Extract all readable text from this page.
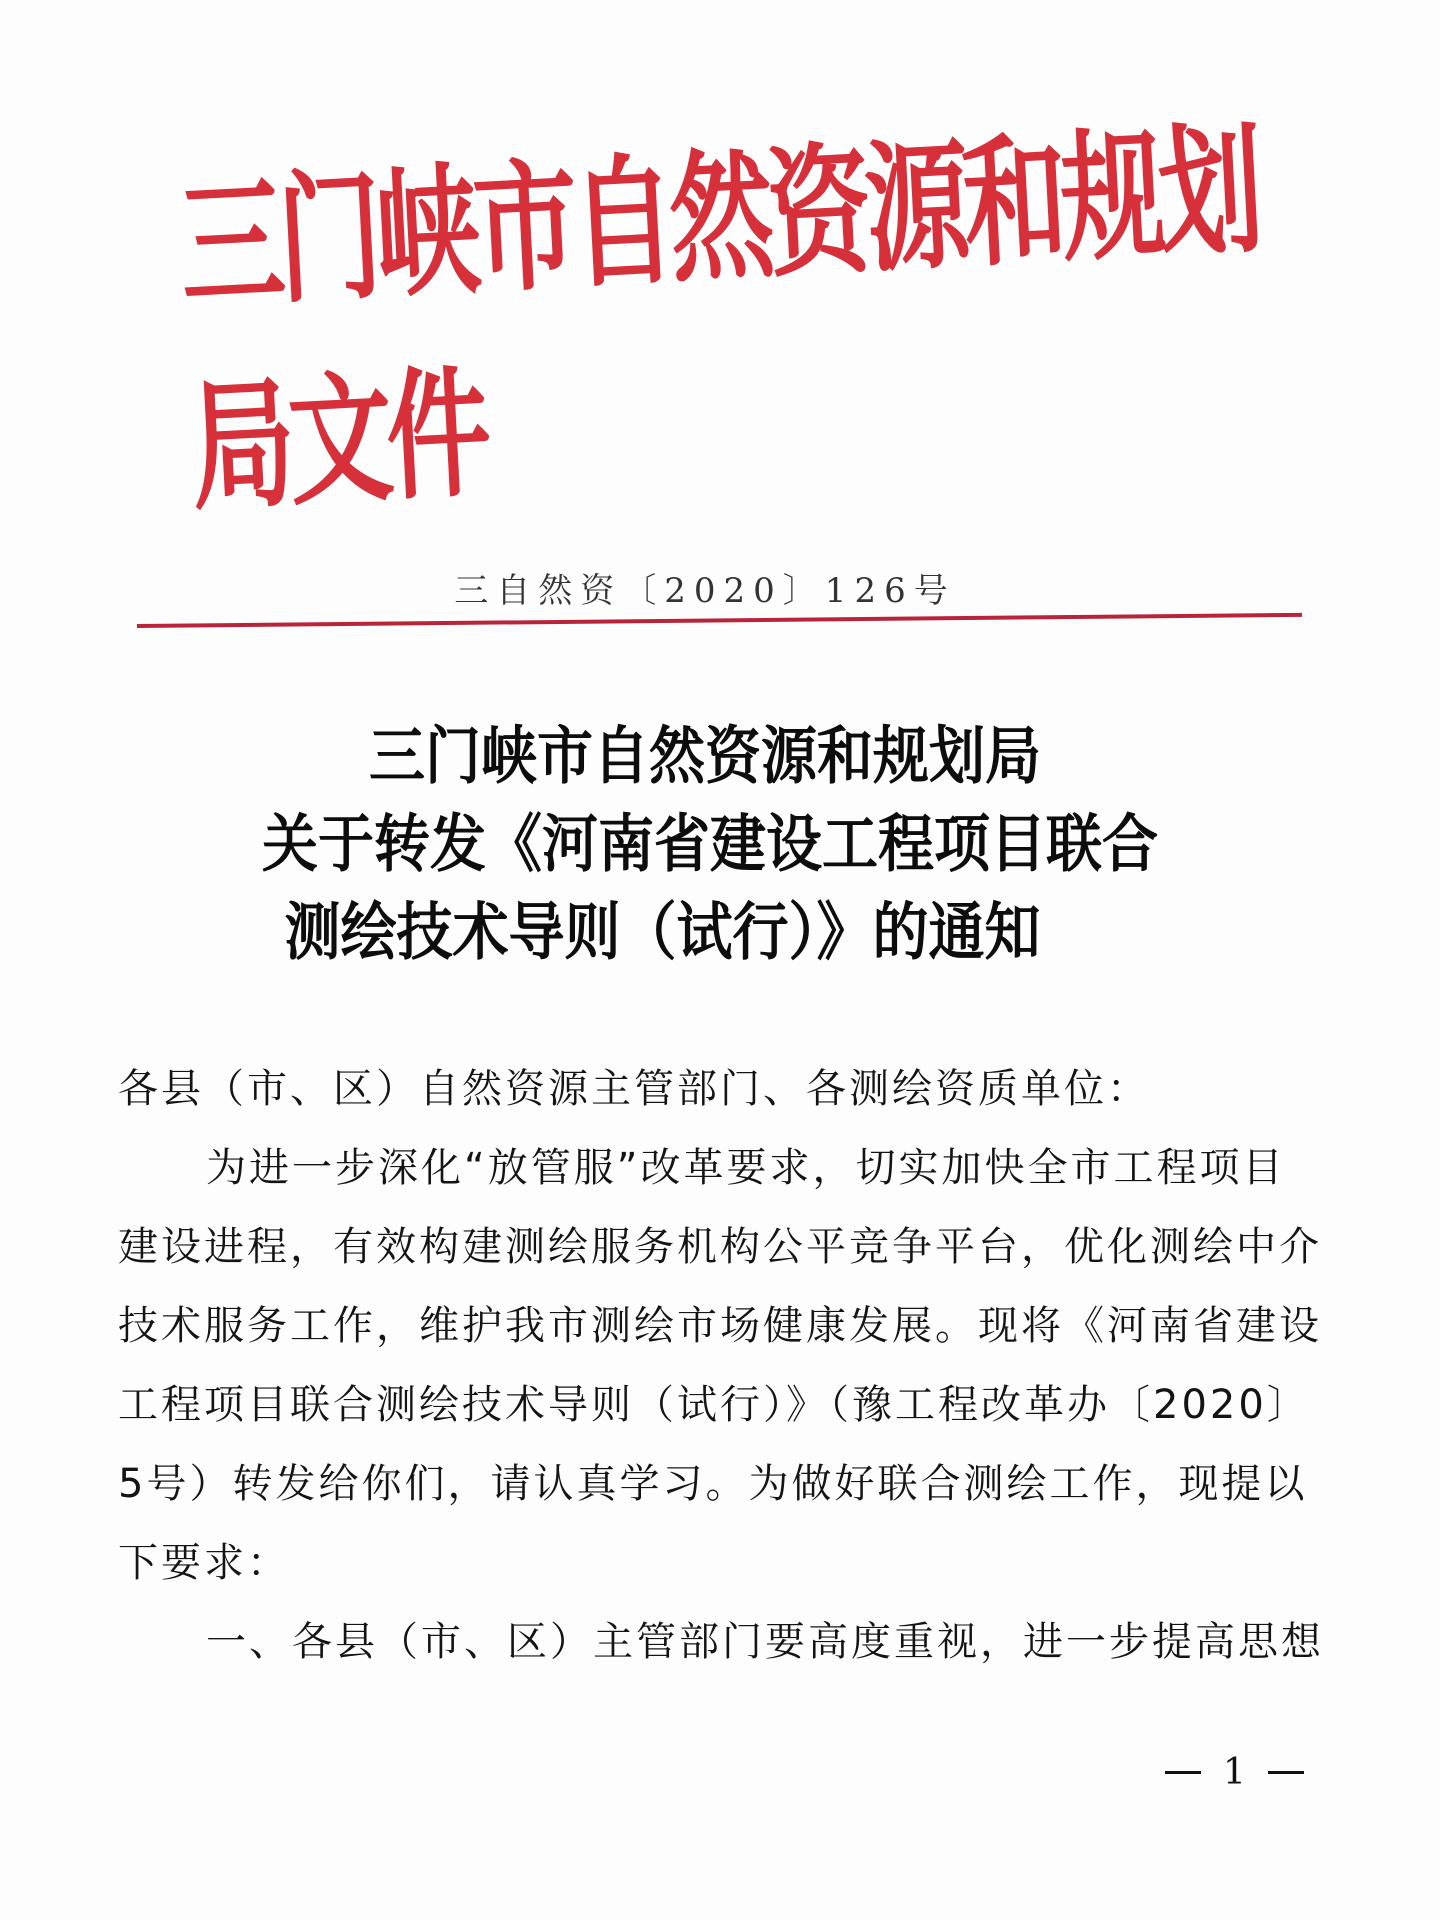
三门峡市自然资源和规划局文件
三自然资〔2020〕126号
三门峡市自然资源和规划局
关于转发《河南省建设工程项目联合
测绘技术导则（试行）》的通知

各县（市、区）自然资源主管部门、各测绘资质单位：

为进一步深化“放管服”改革要求，切实加快全市工程项目

建设进程，有效构建测绘服务机构公平竞争平台，优化测绘中介

技术服务工作，维护我市测绘市场健康发展。现将《河南省建设

工程项目联合测绘技术导则（试行）》（豫工程改革办〔2020〕

5号）转发给你们，请认真学习。为做好联合测绘工作，现提以

下要求：

一、各县（市、区）主管部门要高度重视，进一步提高思想

1
